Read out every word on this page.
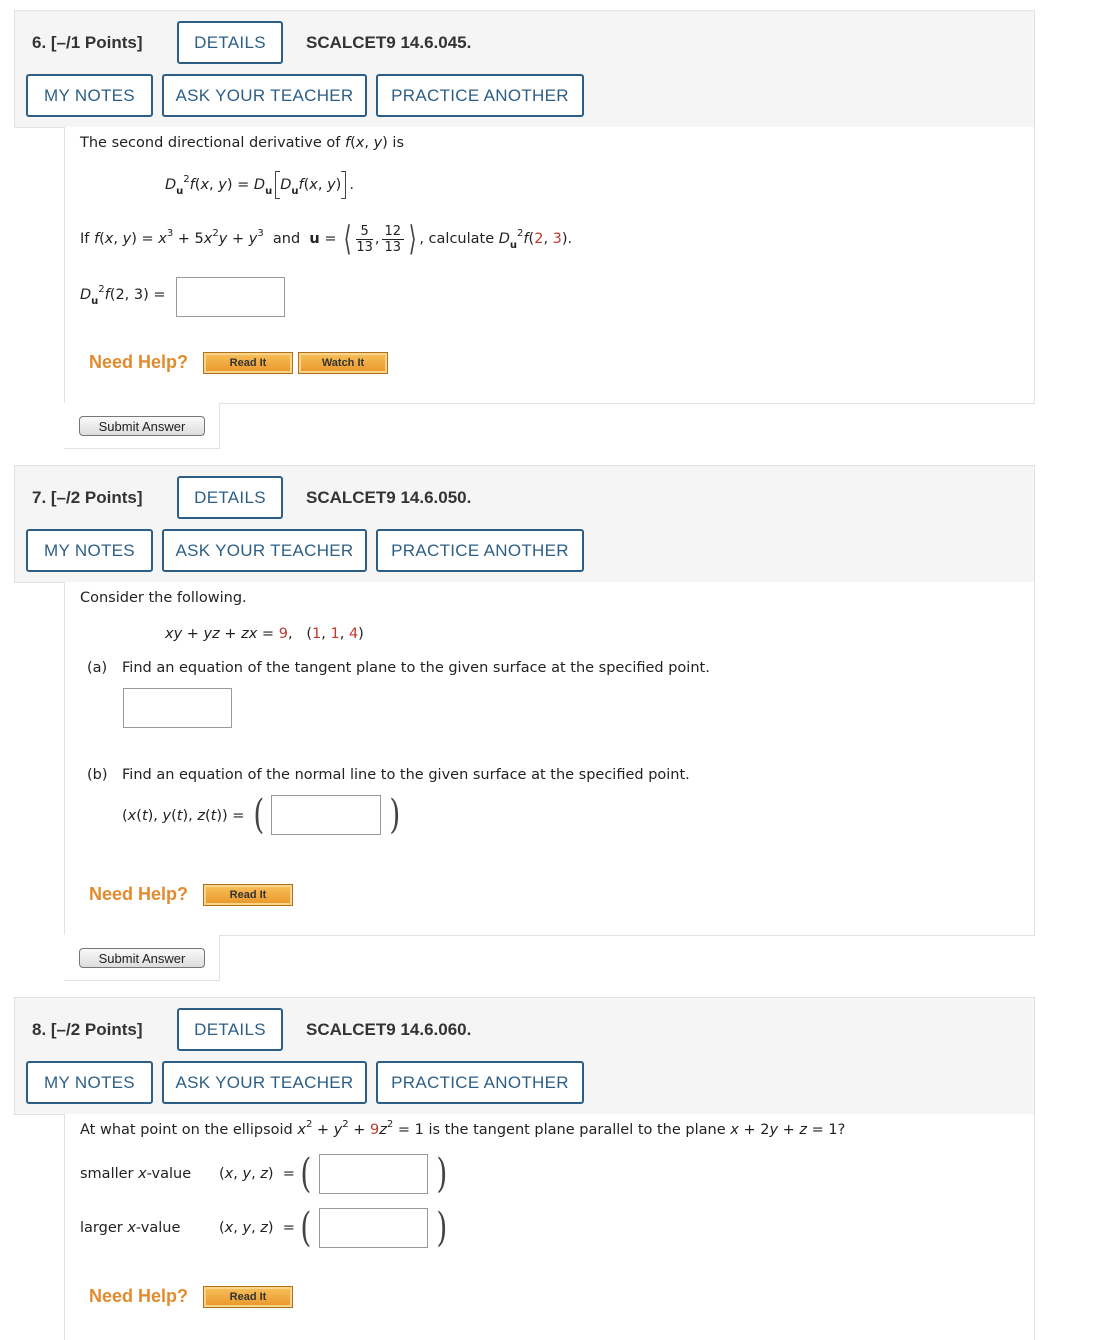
6. [–/1 Points]	DETAILS	SCALCET9 14.6.045.
MY NOTES	ASK YOUR TEACHER	PRACTICE ANOTHER
The second directional derivative of f(x, y) is
$D_u^2f(x$, $y) = D_u$ $D_uf(x$, y) .
If f(x, $y) = x^3 + 5x^2y + y^3$  and  u = ⟨ $\frac{5}{13}$ , $\frac{12}{13}$ ⟩ , calculate $D_u^2f(2$, 3).
$D_u^2f(2$, 3) =
Need Help?	Read It	Watch It
Submit Answer
7. [–/2 Points]	DETAILS	SCALCET9 14.6.050.
MY NOTES	ASK YOUR TEACHER	PRACTICE ANOTHER
Consider the following.
xy + yz + zx = 9,   (1, 1, 4)
(a) Find an equation of the tangent plane to the given surface at the specified point.
(b) Find an equation of the normal line to the given surface at the specified point.
(x(t), y(t), z(t)) = (	)
Need Help?	Read It
Submit Answer
8. [–/2 Points]	DETAILS	SCALCET9 14.6.060.
MY NOTES	ASK YOUR TEACHER	PRACTICE ANOTHER
At what point on the ellipsoid $x^2 + y^2 + 9z^2 = 1$ is the tangent plane parallel to the plane x + 2y + z = 1?
smaller x-value (x, y, z)  = (	)
larger x-value	(x, y, z)  = (	)
Need Help?	Read It
